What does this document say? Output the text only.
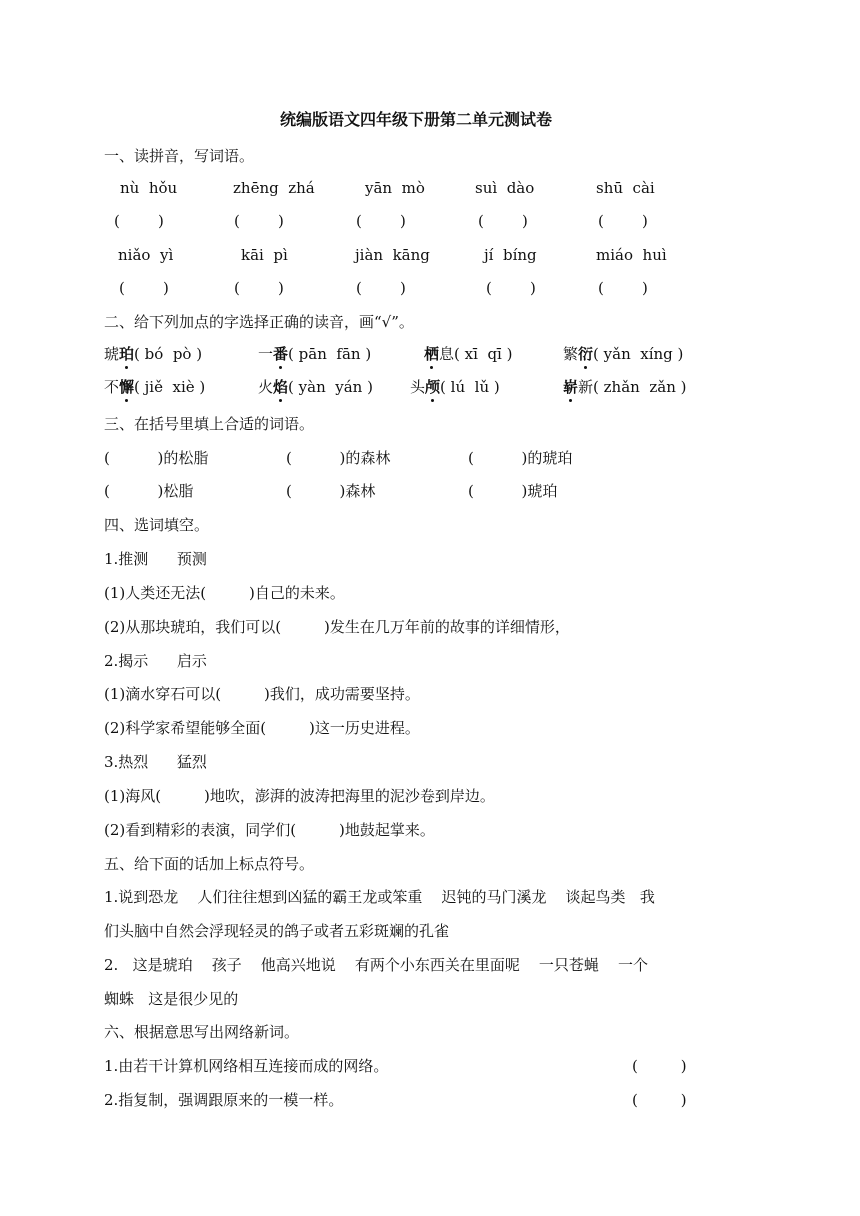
统编版语文四年级下册第二单元测试卷
一、读拼音，写词语。
nù  hǒu	zhēng  zhá	yān  mò	suì  dào	shū  cài
(        )	(        )	(        )	(        )	(        )
niǎo  yì	kāi  pì	jiàn  kāng	jí  bíng	miáo  huì
(        )	(        )	(        )	(        )	(        )
二、给下列加点的字选择正确的读音，画“√”。
琥珀( bó  pò )	一番( pān  fān )	栖息( xī  qī )	繁衍( yǎn  xíng )
不懈( jiě  xiè )	火焰( yàn  yán ) 头颅( lú  lǔ )	崭新( zhǎn  zǎn )
三、在括号里填上合适的词语。
(          )的松脂	(          )的森林	(          )的琥珀
(          )松脂	(          )森林	(          )琥珀
四、选词填空。
1.推测      预测
(1)人类还无法(         )自己的未来。
(2)从那块琥珀，我们可以(         )发生在几万年前的故事的详细情形，
2.揭示      启示
(1)滴水穿石可以(         )我们，成功需要坚持。
(2)科学家希望能够全面(         )这一历史进程。
3.热烈      猛烈
(1)海风(         )地吹，澎湃的波涛把海里的泥沙卷到岸边。
(2)看到精彩的表演，同学们(         )地鼓起掌来。
五、给下面的话加上标点符号。
1.说到恐龙    人们往往想到凶猛的霸王龙或笨重    迟钝的马门溪龙    谈起鸟类   我
们头脑中自然会浮现轻灵的鸽子或者五彩斑斓的孔雀
2.   这是琥珀    孩子    他高兴地说    有两个小东西关在里面呢    一只苍蝇    一个
蜘蛛   这是很少见的
六、根据意思写出网络新词。
1.由若干计算机网络相互连接而成的网络。	(         )
2.指复制，强调跟原来的一模一样。	(         )
